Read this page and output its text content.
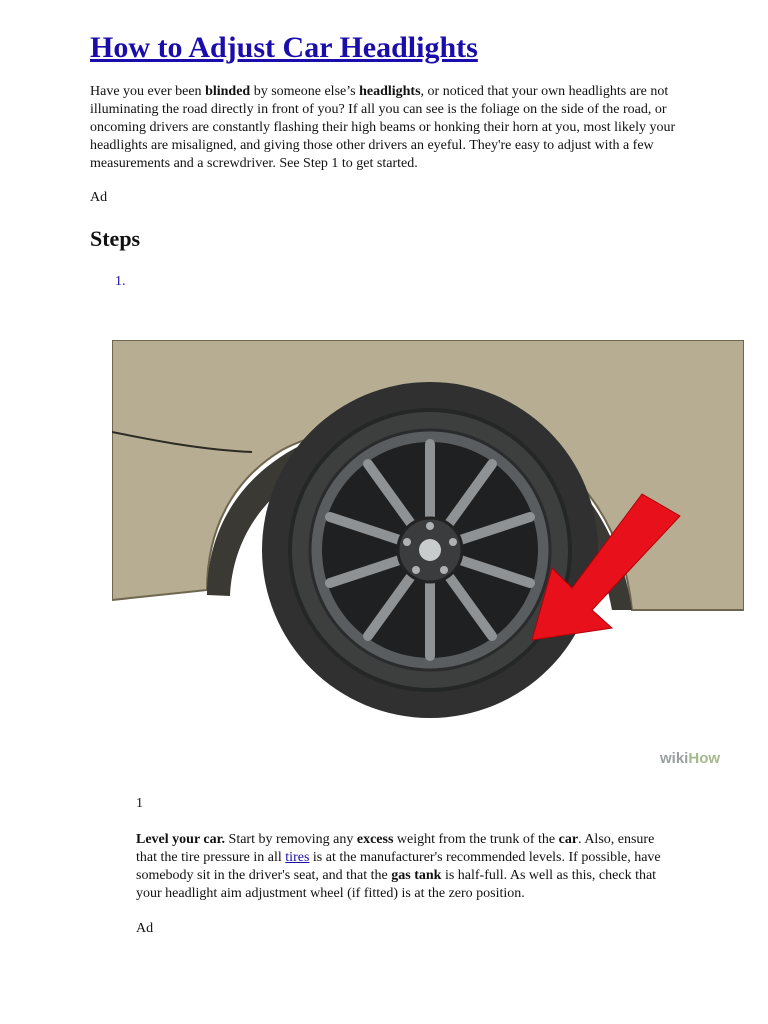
How to Adjust Car Headlights

Have you ever been blinded by someone else’s headlights, or noticed that your own headlights are not illuminating the road directly in front of you? If all you can see is the foliage on the side of the road, or oncoming drivers are constantly flashing their high beams or honking their horn at you, most likely your headlights are misaligned, and giving those other drivers an eyeful. They're easy to adjust with a few measurements and a screwdriver. See Step 1 to get started.

Ad

Steps
1.
wikiHow

1

Level your car. Start by removing any excess weight from the trunk of the car. Also, ensure that the tire pressure in all tires is at the manufacturer's recommended levels. If possible, have somebody sit in the driver's seat, and that the gas tank is half-full. As well as this, check that your headlight aim adjustment wheel (if fitted) is at the zero position.

Ad
